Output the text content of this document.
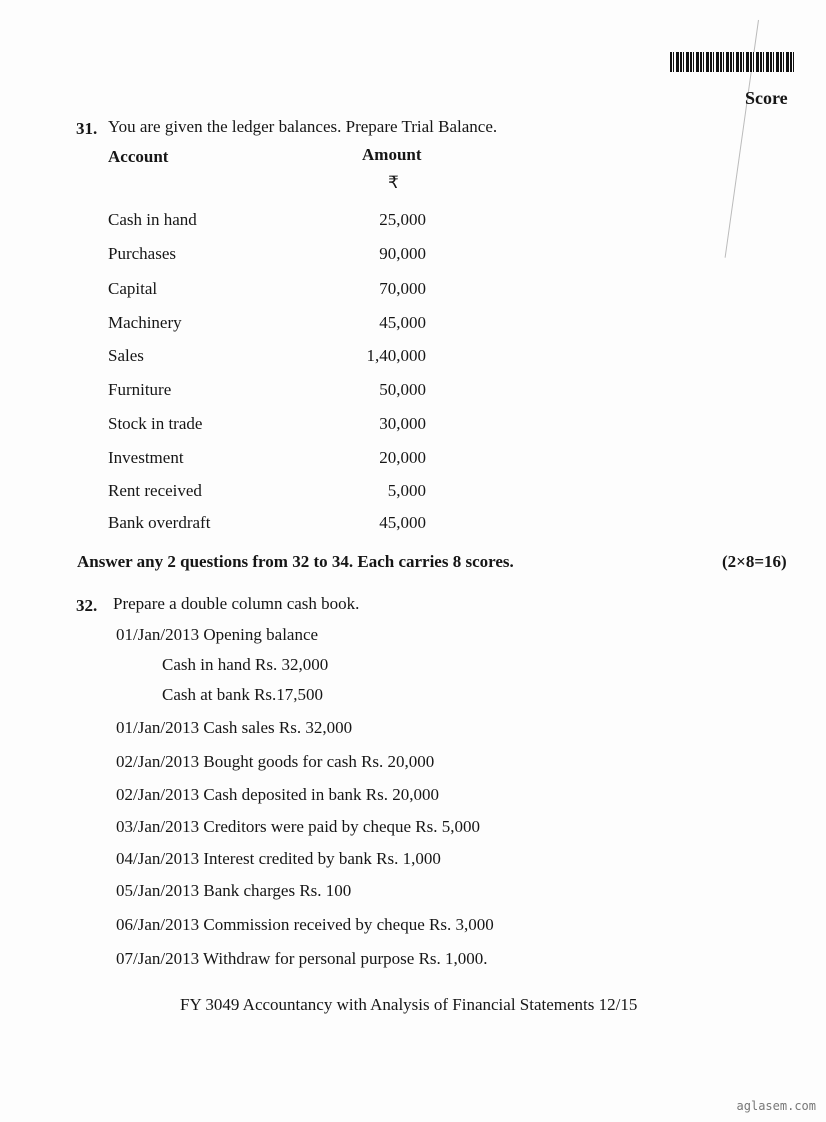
Score
31. You are given the ledger balances. Prepare Trial Balance.
Account	Amount
₹
Cash in hand	25,000
Purchases	90,000
Capital	70,000
Machinery	45,000
Sales	1,40,000
Furniture	50,000
Stock in trade	30,000
Investment	20,000
Rent received	5,000
Bank overdraft	45,000
Answer any 2 questions from 32 to 34. Each carries 8 scores.	(2×8=16)
32. Prepare a double column cash book.
01/Jan/2013 Opening balance
Cash in hand Rs. 32,000
Cash at bank Rs.17,500
01/Jan/2013 Cash sales Rs. 32,000
02/Jan/2013 Bought goods for cash Rs. 20,000
02/Jan/2013 Cash deposited in bank Rs. 20,000
03/Jan/2013 Creditors were paid by cheque Rs. 5,000
04/Jan/2013 Interest credited by bank Rs. 1,000
05/Jan/2013 Bank charges Rs. 100
06/Jan/2013 Commission received by cheque Rs. 3,000
07/Jan/2013 Withdraw for personal purpose Rs. 1,000.
FY 3049 Accountancy with Analysis of Financial Statements 12/15
aglasem.com
